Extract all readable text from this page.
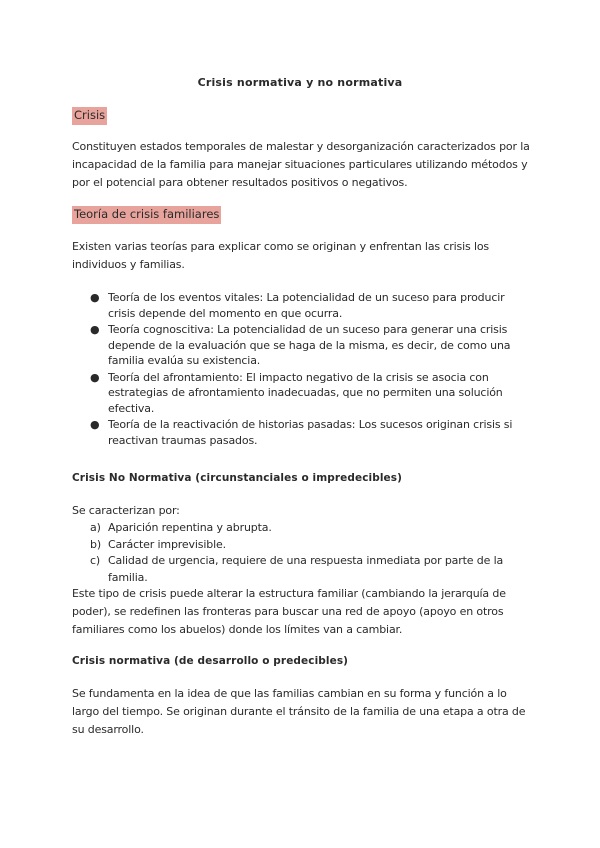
Crisis normativa y no normativa
Crisis

Constituyen estados temporales de malestar y desorganización caracterizados por la incapacidad de la familia para manejar situaciones particulares utilizando métodos y por el potencial para obtener resultados positivos o negativos.

Teoría de crisis familiares

Existen varias teorías para explicar como se originan y enfrentan las crisis los individuos y familias.

● Teoría de los eventos vitales: La potencialidad de un suceso para producir crisis depende del momento en que ocurra.
● Teoría cognoscitiva: La potencialidad de un suceso para generar una crisis depende de la evaluación que se haga de la misma, es decir, de como una familia evalúa su existencia.
● Teoría del afrontamiento: El impacto negativo de la crisis se asocia con estrategias de afrontamiento inadecuadas, que no permiten una solución efectiva.
● Teoría de la reactivación de historias pasadas: Los sucesos originan crisis si reactivan traumas pasados.
Crisis No Normativa (circunstanciales o impredecibles)

Se caracterizan por:

a) Aparición repentina y abrupta.
b) Carácter imprevisible.
c) Calidad de urgencia, requiere de una respuesta inmediata por parte de la familia.

Este tipo de crisis puede alterar la estructura familiar (cambiando la jerarquía de poder), se redefinen las fronteras para buscar una red de apoyo (apoyo en otros familiares como los abuelos) donde los límites van a cambiar.

Crisis normativa (de desarrollo o predecibles)

Se fundamenta en la idea de que las familias cambian en su forma y función a lo largo del tiempo. Se originan durante el tránsito de la familia de una etapa a otra de su desarrollo.
